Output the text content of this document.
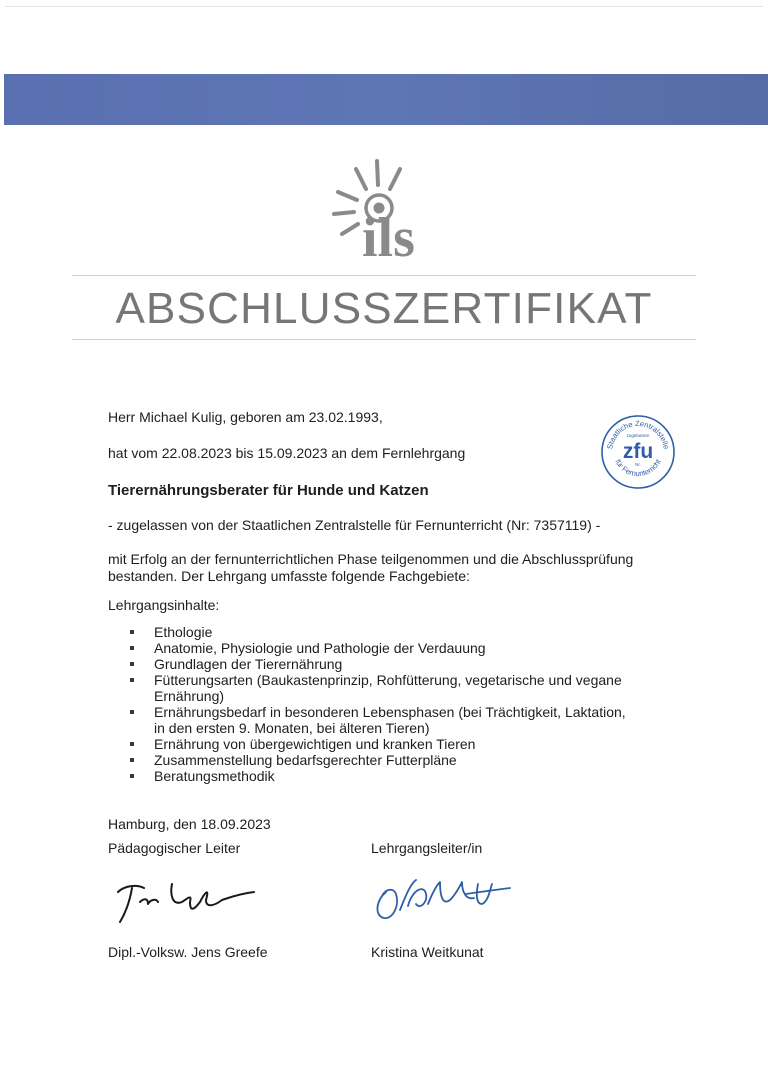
ils
ABSCHLUSSZERTIFIKAT
Staatliche Zentralstelle
zugelassen
zfu
Nr.
für Fernunterricht
Herr Michael Kulig, geboren am 23.02.1993,
hat vom 22.08.2023 bis 15.09.2023 an dem Fernlehrgang
Tierernährungsberater für Hunde und Katzen
- zugelassen von der Staatlichen Zentralstelle für Fernunterricht (Nr: 7357119) -
mit Erfolg an der fernunterrichtlichen Phase teilgenommen und die Abschlussprüfung
bestanden. Der Lehrgang umfasste folgende Fachgebiete:
Lehrgangsinhalte:
Ethologie
Anatomie, Physiologie und Pathologie der Verdauung
Grundlagen der Tierernährung
Fütterungsarten (Baukastenprinzip, Rohfütterung, vegetarische und vegane Ernährung)
Ernährungsbedarf in besonderen Lebensphasen (bei Trächtigkeit, Laktation, in den ersten 9. Monaten, bei älteren Tieren)
Ernährung von übergewichtigen und kranken Tieren
Zusammenstellung bedarfsgerechter Futterpläne
Beratungsmethodik
Hamburg, den 18.09.2023
Pädagogischer Leiter	Lehrgangsleiter/in
Dipl.-Volksw. Jens Greefe	Kristina Weitkunat
